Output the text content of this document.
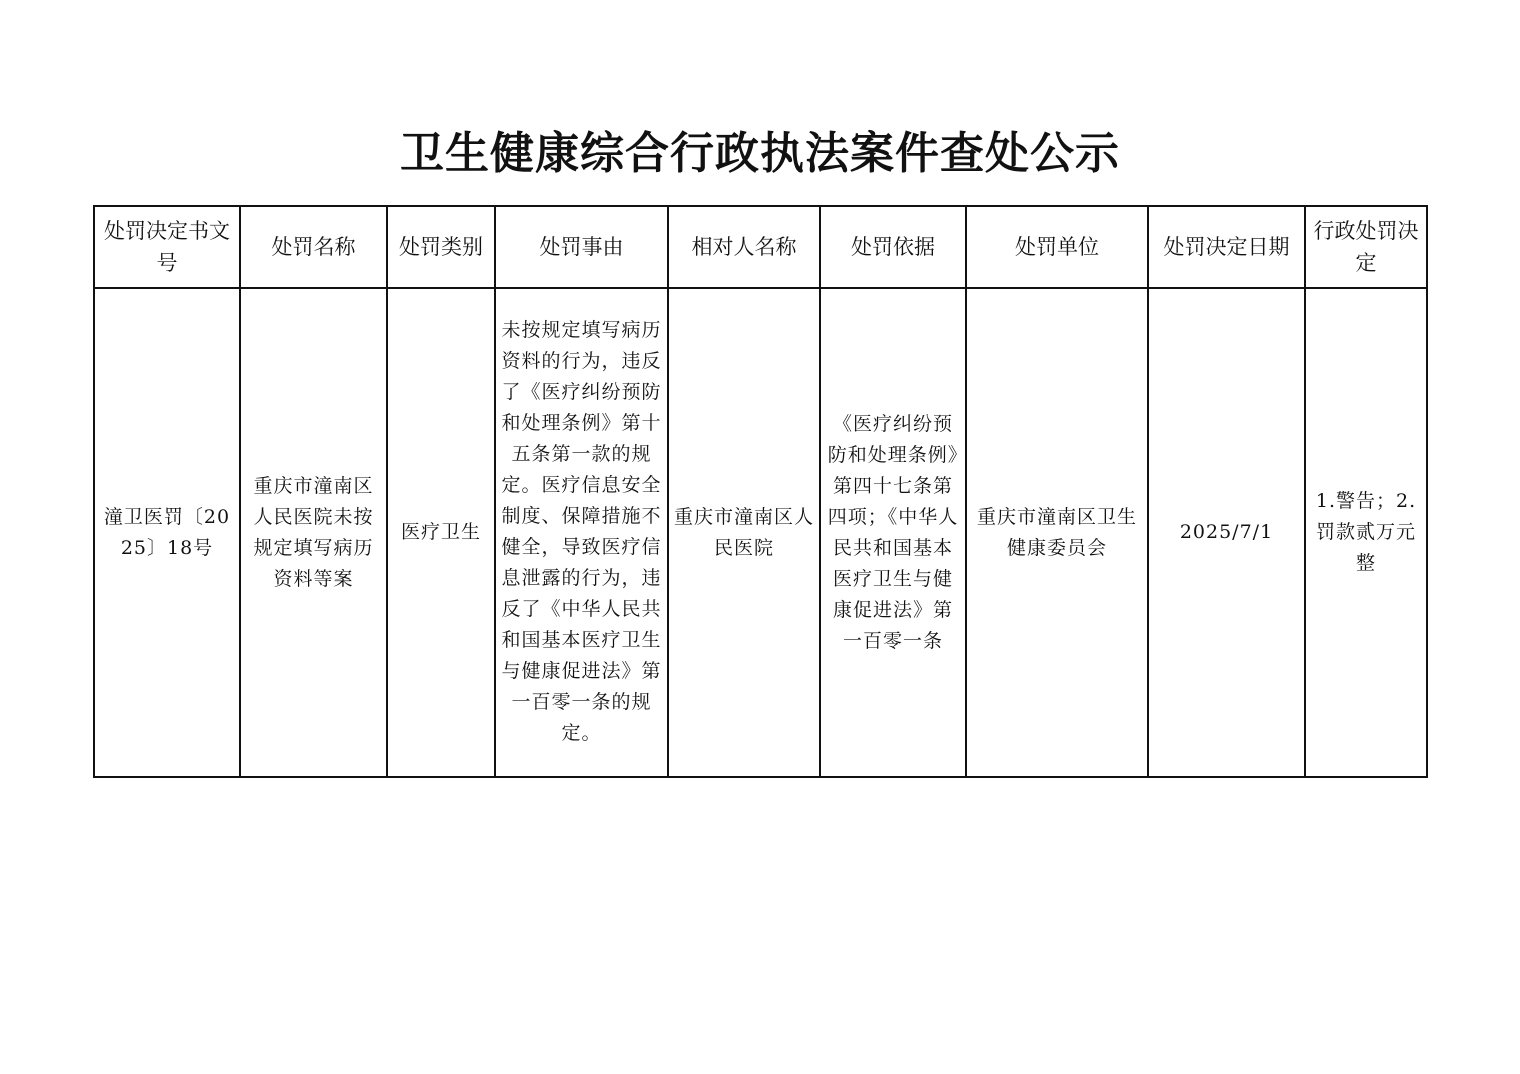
卫生健康综合行政执法案件查处公示
处罚决定书文号	处罚名称	处罚类别	处罚事由	相对人名称	处罚依据	处罚单位	处罚决定日期	行政处罚决定
潼卫医罚〔2025〕18号	重庆市潼南区人民医院未按规定填写病历资料等案	医疗卫生	未按规定填写病历资料的行为，违反了《医疗纠纷预防和处理条例》第十五条第一款的规定。医疗信息安全制度、保障措施不健全，导致医疗信息泄露的行为，违反了《中华人民共和国基本医疗卫生与健康促进法》第一百零一条的规定。	重庆市潼南区人民医院	《医疗纠纷预防和处理条例》第四十七条第四项；《中华人民共和国基本医疗卫生与健康促进法》第一百零一条	重庆市潼南区卫生健康委员会	2025/7/1	1.警告；2.罚款贰万元整
